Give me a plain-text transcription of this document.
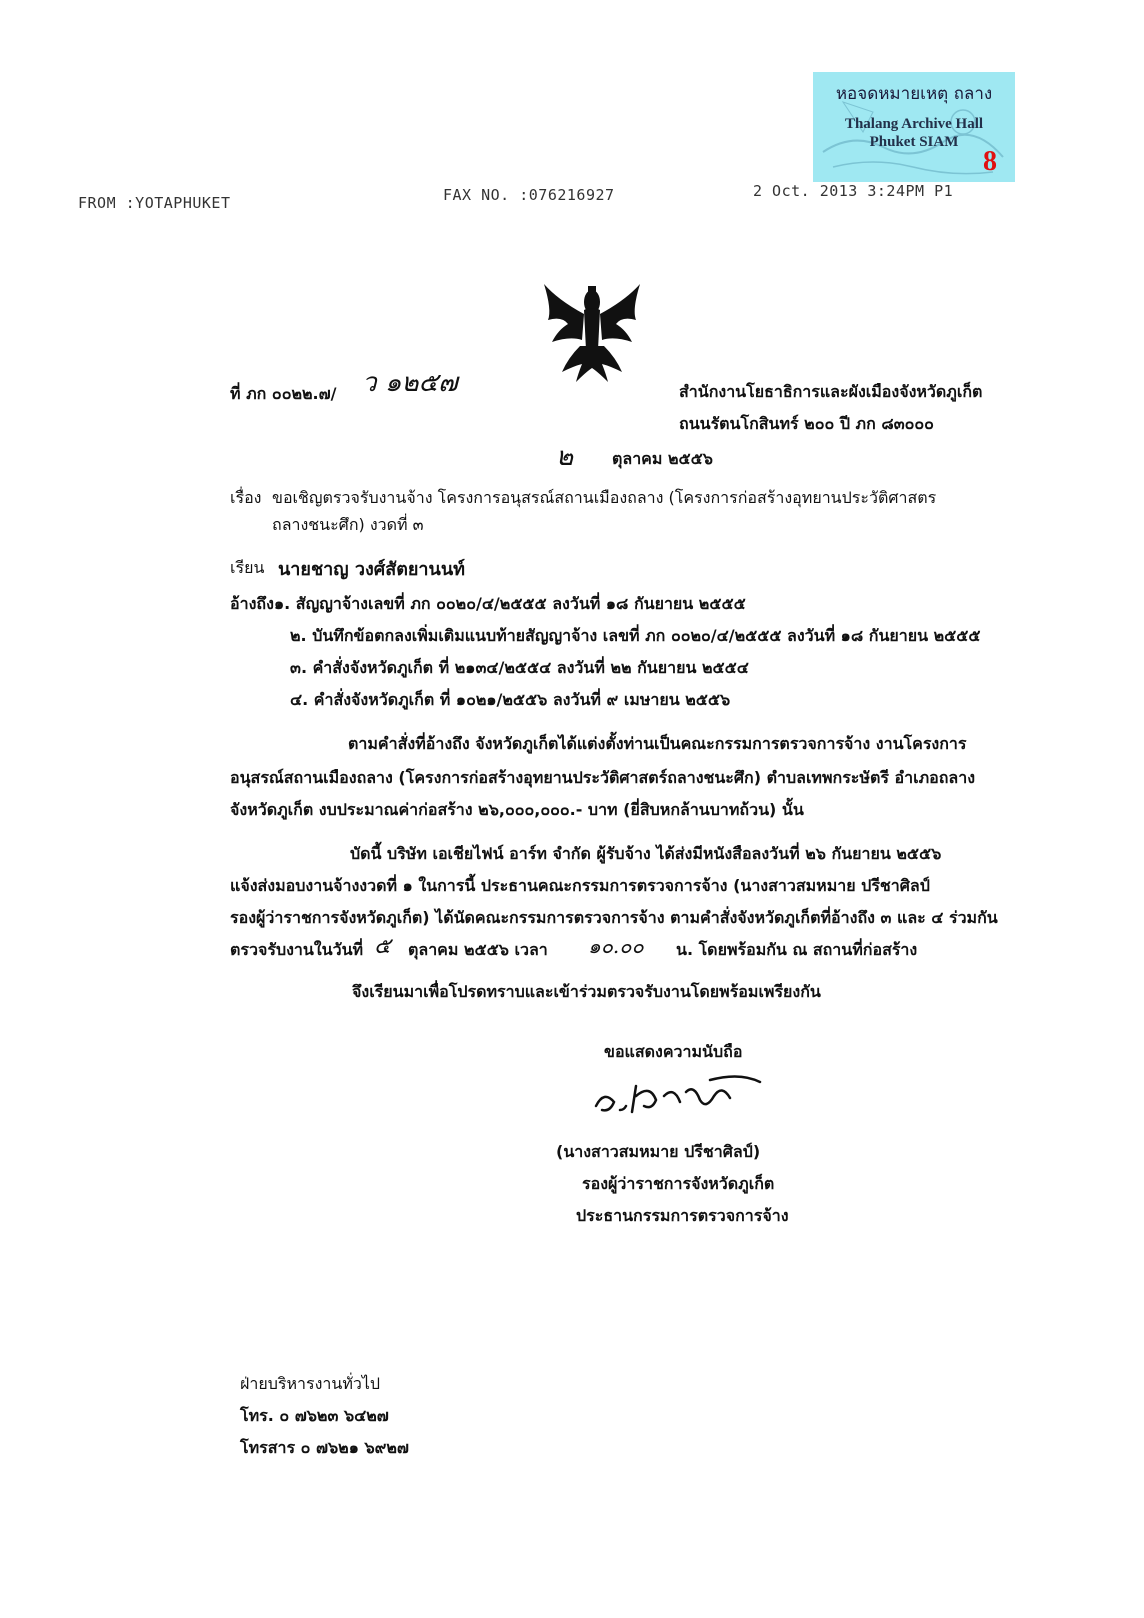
หอจดหมายเหตุ ถลาง
Thalang Archive Hall
Phuket SIAM
8
FROM :YOTAPHUKET	FAX NO. :076216927	2 Oct. 2013 3:24PM P1
ที่ ภก ๐๐๒๒.๗/ ว ๑๒๕๗	สำนักงานโยธาธิการและผังเมืองจังหวัดภูเก็ต
ถนนรัตนโกสินทร์ ๒๐๐ ปี ภก ๘๓๐๐๐
๒ ตุลาคม ๒๕๕๖
เรื่อง ขอเชิญตรวจรับงานจ้าง โครงการอนุสรณ์สถานเมืองถลาง (โครงการก่อสร้างอุทยานประวัติศาสตร
ถลางชนะศึก) งวดที่ ๓
เรียน นายชาญ วงศ์สัตยานนท์
อ้างถึง ๑. สัญญาจ้างเลขที่ ภก ๐๐๒๐/๔/๒๕๕๕ ลงวันที่ ๑๘ กันยายน ๒๕๕๕
๒. บันทึกข้อตกลงเพิ่มเติมแนบท้ายสัญญาจ้าง เลขที่ ภก ๐๐๒๐/๔/๒๕๕๕ ลงวันที่ ๑๘ กันยายน ๒๕๕๕
๓. คำสั่งจังหวัดภูเก็ต ที่ ๒๑๓๔/๒๕๕๔ ลงวันที่ ๒๒ กันยายน ๒๕๕๔
๔. คำสั่งจังหวัดภูเก็ต ที่ ๑๐๒๑/๒๕๕๖ ลงวันที่ ๙ เมษายน ๒๕๕๖
ตามคำสั่งที่อ้างถึง จังหวัดภูเก็ตได้แต่งตั้งท่านเป็นคณะกรรมการตรวจการจ้าง งานโครงการ
อนุสรณ์สถานเมืองถลาง (โครงการก่อสร้างอุทยานประวัติศาสตร์ถลางชนะศึก) ตำบลเทพกระษัตรี อำเภอถลาง
จังหวัดภูเก็ต งบประมาณค่าก่อสร้าง ๒๖,๐๐๐,๐๐๐.- บาท (ยี่สิบหกล้านบาทถ้วน) นั้น
บัดนี้ บริษัท เอเชียไฟน์ อาร์ท จำกัด ผู้รับจ้าง ได้ส่งมีหนังสือลงวันที่ ๒๖ กันยายน ๒๕๕๖
แจ้งส่งมอบงานจ้างงวดที่ ๑ ในการนี้ ประธานคณะกรรมการตรวจการจ้าง (นางสาวสมหมาย ปรีชาศิลป์
รองผู้ว่าราชการจังหวัดภูเก็ต) ได้นัดคณะกรรมการตรวจการจ้าง ตามคำสั่งจังหวัดภูเก็ตที่อ้างถึง ๓ และ ๔ ร่วมกัน
ตรวจรับงานในวันที่ ๕ ตุลาคม ๒๕๕๖ เวลา ๑๐.๐๐ น. โดยพร้อมกัน ณ สถานที่ก่อสร้าง
จึงเรียนมาเพื่อโปรดทราบและเข้าร่วมตรวจรับงานโดยพร้อมเพรียงกัน
ขอแสดงความนับถือ
(นางสาวสมหมาย ปรีชาศิลป์)
รองผู้ว่าราชการจังหวัดภูเก็ต
ประธานกรรมการตรวจการจ้าง
ฝ่ายบริหารงานทั่วไป
โทร. ๐ ๗๖๒๓ ๖๔๒๗
โทรสาร ๐ ๗๖๒๑ ๖๙๒๗
